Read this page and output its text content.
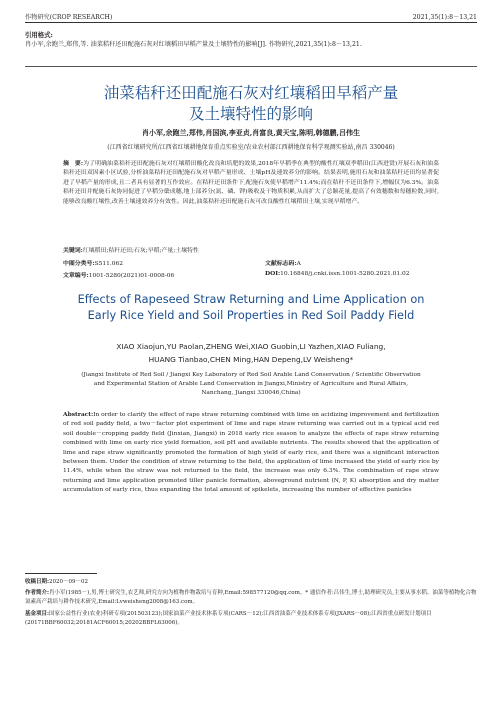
作物研究(CROP RESEARCH)	2021,35(1):8－13,21
引用格式:
肖小军,余跑兰,郑伟,等. 油菜秸秆还田配施石灰对红壤稻田早稻产量及土壤特性的影响[J]. 作物研究,2021,35(1):8－13,21.
油菜秸秆还田配施石灰对红壤稻田早稻产量
及土壤特性的影响
肖小军,余跑兰,郑伟,肖国滨,李亚贞,肖富良,黄天宝,陈明,韩德鹏,吕伟生
(江西省红壤研究所/江西省红壤耕地保育重点实验室/农业农村部江西耕地保育科学观测实验站,南昌 330046)
摘　要:为了明确油菜秸秆还田配施石灰对红壤稻田酸化改良和培肥的效果,2018年早稻季在典型的酸性红壤双季稻田(江西进贤)开展石灰和油菜秸秆还田双因素小区试验,分析油菜秸秆还田配施石灰对早稻产量形成、土壤pH及速效养分的影响。结果表明,施用石灰和油菜秸秆还田均显著促进了早稻产量的形成,且二者具有显著的互作效应。在秸秆还田条件下,配施石灰使早稻增产11.4%;而在秸秆不还田条件下,增幅仅为6.3%。油菜秸秆还田并配施石灰协同促进了早稻分蘖成穗,地上部养分(氮、磷、钾)吸收及干物质积累,从而扩大了总颖花量,提高了有效穗数和每穗粒数,同时,能够改良酸红壤性,改善土壤速效养分有效性。因此,油菜秸秆还田配施石灰可改良酸性红壤稻田土壤,实现早稻增产。
关键词:红壤稻田;秸秆还田;石灰;早稻;产量;土壤特性
中图分类号:S511.062	文献标志码:A
文章编号:1001-5280(2021)01-0008-06	DOI:10.16848/j.cnki.issn.1001-5280.2021.01.02
Effects of Rapeseed Straw Returning and Lime Application on
Early Rice Yield and Soil Properties in Red Soil Paddy Field
XIAO Xiaojun,YU Paolan,ZHENG Wei,XIAO Guobin,LI Yazhen,XIAO Fuliang,
HUANG Tianbao,CHEN Ming,HAN Depeng,LV Weisheng*
(Jiangxi Institute of Red Soil / Jiangxi Key Laboratory of Red Soil Arable Land Conservation / Scientific Observation
and Experimental Station of Arable Land Conservation in Jiangxi,Ministry of Agriculture and Rural Affairs,
Nanchang, Jiangxi 330046,China)
Abstract:In order to clarify the effect of rape straw returning combined with lime on acidizing improvement and fertilization of red soil paddy field, a two－factor plot experiment of lime and rape straw returning was carried out in a typical acid red soil double－cropping paddy field (Jinxian, Jiangxi) in 2018 early rice season to analyze the effects of rape straw returning combined with lime on early rice yield formation, soil pH and available nutrients. The results showed that the application of lime and rape straw significantly promoted the formation of high yield of early rice, and there was a significant interaction between them. Under the condition of straw returning to the field, the application of lime increased the yield of early rice by 11.4%, while when the straw was not returned to the field, the increase was only 6.3%. The combination of rape straw returning and lime application promoted tiller panicle formation, aboveground nutrient (N, P, K) absorption and dry matter accumulation of early rice, thus expanding the total amount of spikelets, increasing the number of effective panicles
收稿日期:2020－09－02
作者简介:肖小军(1985－),男,博士研究生,农艺师,研究方向为植物作物栽培与育种,Email:598577120@qq.com。* 通信作者:吕伟生,博士,助理研究员,主要从事水稻、油菜等植物化合物氮素高产栽培与耕作技术研究,Email:Lvweisheng2008@163.com。
基金项目:国家公益性行业(农业)科研专项(201503123);国家油菜产业技术体系专项(CARS－12);江西省油菜产业技术体系专项(JXARS－08);江西省重点研发计划项目(20171BBF60032;20181ACF60015;20202BBFL63006)。
